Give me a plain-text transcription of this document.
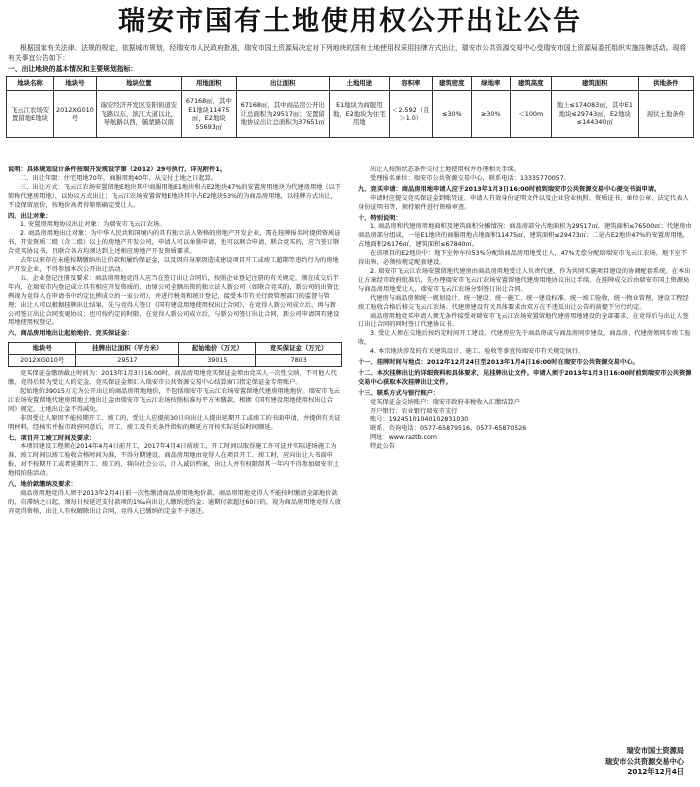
瑞安市国有土地使用权公开出让公告

根据国家有关法律、法规的规定，依据城市规划，经瑞安市人民政府批准，瑞安市国土资源局决定对下列地块的国有土地使用权采用挂牌方式出让，瑞安市公共资源交易中心受瑞安市国土资源局委托组织实施挂牌活动。现将有关事宜公告如下：

一、出让地块的基本情况和主要规划指标：
地块名称	地块号	地块位置	用地面积	出让面积	土地用途	容积率	建筑密度	绿地率	建筑高度	建筑面积	供地条件
飞云江农场安置留地E地块	2012XG010号	瑞安经济开发区安阳街道安飞路以东，滨江大道以北，导航路以西，毓蒙路以南	67168㎡，其中E1地块11475㎡，E2地块55693㎡	67168㎡，其中商品房公开出让总面积为29517㎡；安置留地协议出让总面积为37651㎡	E1地块为商服用地，E2地块为住宅用地	＜2.592（且＞1.0）	≤30%	≥30%	＜100m	地上≤174083㎡，其中E1地块≤29743㎡，E2地块≤144340㎡	现状土地条件

说明：具体规划设计条件按瑞开发规设字第（2012）29号执行，详见附件1。

二、出让年限：住宅用地70年，商服用地40年，从交付土地之日起算。

三、出让方式：飞云江农场安置留地E地块其中商服用地E1地块和占E2地块47%的安置房用地块为代建房用地（以下简称代建房用地），以协议方式出让；飞云江农场安置留地E地块其中占E2地块53%的为商品房用地，以挂牌方式出让，不设保留底价，按地价高者得原则确定受让人。

四、出让对象：

1. 安置房用地协议出让对象：为瑞安市飞云江农场。

2. 商品房用地出让对象：为中华人民共和国境内的具有独立法人资格的房地产开发企业，需在挂牌报名时提供资质证书，开发资质二级（含二级）以上的房地产开发公司，申请人可以单独申请，也可以联合申请，联合竞买的，应当签订联合竞买协议书，且联合各方均须达到上述相应房地产开发资质要求。

去年以来存在未能按期缴纳出让价款和履约保证金，以及因自身原因造成建设项目开工或竣工超期等违约行为的房地产开发企业，不得参加本次公开出让活动。

五、企业登记注册及要求：商品房用地竞得人应当在签订出让合同后，按照企业登记注册的有关规定，须在成交后半年内，在瑞安市内登记成立具有相应开发资质的、由原公司全额出资的独立法人新公司（如联合竞买的，新公司的出资比例视为竞得人在申请书中约定比例成立的一家公司），并进行税务和统计登记，接受本市有关行政管理部门的监督与管理；出让人可以根据挂牌出让结果，先与竞得人签订《国有建设用地使用权出让合同》，在竞得人新公司成立后，再与新公司签订出让合同变更协议；也可按约定的时限，在竞得人新公司成立后，与新公司签订出让合同，新公司申请国有建设用地使用权登记。

六、商品房用地出让起始地价、竞买保证金：

地块号	挂牌出让面积（平方米）	起始地价（万元）	竞买保证金（万元）
2012XG010号	29517	39015	7803

竞买保证金缴纳截止时间为：2013年1月3日16:00时。商品房用地竞买保证金须由竞买人一次性交纳，不可他人代缴，竞得后转为受让人的定金，竞买保证金须汇入瑞安市公共资源交易中心结算窗口指定保证金专用账户。

起始地价39015万元为公开出让的商品房用地地价，不包括瑞安市飞云江农场安置留地代建房用地地价。瑞安市飞云江农场安置留地代建房用地土地出让金由瑞安市飞云江农场按照标准每平方米缴款，根据《国有建设用地使用权出让合同》规定，土地出让金不得减免。

非因受让人原因不能按期开工、竣工的，受让人应提前30日向出让人提出延期开工或竣工的书面申请，并提供有关证明材料，经核实并报市政府同意后，开工、竣工及有关条件指标的顺延方可按实际延误时间顺延。

七、项目开工竣工时间及要求：

本项目建设工程须在2014年4月4日前开工，2017年4月4日前竣工，开工时间以取得施工许可证并实际进场施工为准，竣工时间以竣工验收合格时间为准，不得分期建设。商品房用地由竞得人在项目开工、竣工时，应向出让人书面申报，对不按期开工或者延期开工、竣工的，将向社会公示，计入诚信档案，出让人并有权限制其一年内不得参加瑞安市土地招拍挂活动。

八、地价款缴纳及要求：

商品房用地竞得人须于2013年2月4日前一次性缴清商品房用地地价款。商品房用地竞得人不能按时缴清全部地价款的，自滞纳之日起，须每日按延迟支付款项的1‰向出让人缴纳违约金；逾期付款超过60日的，视为商品房用地竞得人放弃竞得资格，出让人有权解除出让合同，竞得人已缴纳的定金不予退还。

出让人按照状态条件交付土地使用权并办理相关手续。

受理报名单位：瑞安市公共资源交易中心，联系电话：13335770057。

九、竞买申请：商品房用地申请人应于2013年1月3日16:00时前到瑞安市公共资源交易中心提交书面申请。

申请时应提交竞买保证金到账凭证、申请人有效身份证明文件以及企业营业执照、资质证书、单位公章、法定代表人身份证明书等，须持原件进行资格审查。

十、特别说明：

1. 商品房和代建房用地面积及建筑面积分摊情况：商品房部分占地面积为29517㎡，建筑面积≤76500㎡；代建房由商品房部分组成，一是E1地块的商服用地占地面积11475㎡，建筑面积≤29473㎡；二是占E2地块47%的安置房用地，占地面积26176㎡，建筑面积≤67840㎡。

在该项目的E2地块中：地下室停车位53%分配给商品房用地受让人，47%无偿分配给瑞安市飞云江农场，地下室不得出售，必须按规定配套建设。

2. 瑞安市飞云江农场安置留地代建房由商品房用地受让人负责代建，作为共同实施项目建设的协调配套系统。在本出让方案经市政府批准后，先办理瑞安市飞云江农场安置留地代建房用地协议出让手续，在挂牌成交后由瑞安市国土资源局与商品房用地受让人、瑞安市飞云江农场分别签订出让合同。

代建房与商品房须统一规划设计、统一建设、统一施工、统一建设标准、统一竣工验收，统一物业管理，建设工程经竣工验收合格后移交飞云江农场。代建房建设有关具体要求由双方在不违反出让公告的前提下另行约定。

商品房用地竞买申请人须无条件接受对瑞安市飞云江农场安置留地代建房用地建设的全部要求，在竞得后与出让人签订出让合同的同时签订代建协议书。

3. 受让人须在交地后按约定时间开工建设。代建房应先于商品房或与商品房同步建设，商品房、代建房须同步竣工验收。

4. 本宗地块涉及的有关建筑设计、施工、验收等事宜按瑞安市有关规定执行。

十一、挂牌时间与地点：2012年12月24日至2013年1月4日16:00时在瑞安市公共资源交易中心。

十二、本次挂牌出让的详细资料和具体要求，见挂牌出让文件。申请人须于2013年1月3日16:00时前到瑞安市公共资源交易中心获取本次挂牌出让文件。

十三、联系方式与银行账户：

竞买保证金交纳账户：瑞安市政府非税收入汇缴结算户

开户银行：农业银行瑞安市支行

账号：19245101040102831030

联系、咨询电话：0577-65879516，0577-65870526

网址：www.raztb.com

特此公告

瑞安市国土资源局
瑞安市公共资源交易中心
2012年12月4日
